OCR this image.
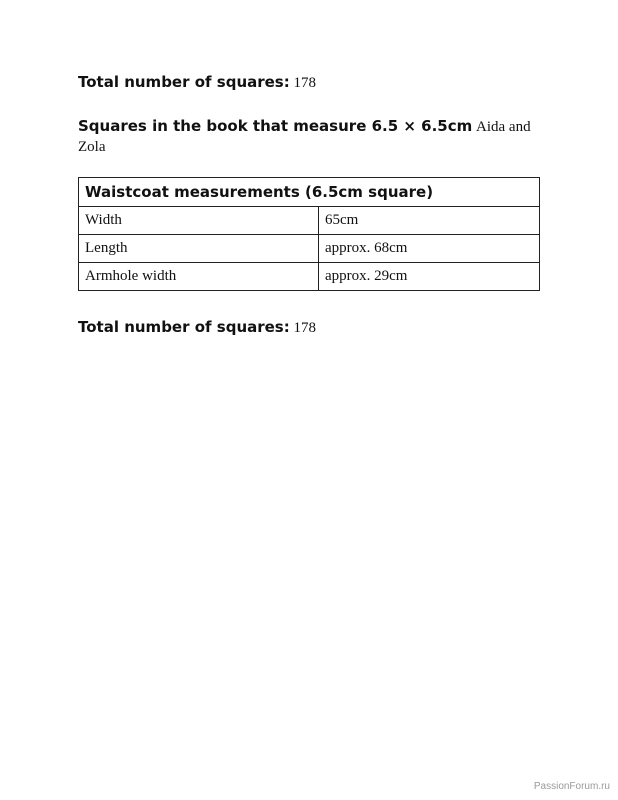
Total number of squares: 178

Squares in the book that measure 6.5 × 6.5cm Aida and Zola

Waistcoat measurements (6.5cm square)	
Width	65cm
Length	approx. 68cm
Armhole width	approx. 29cm

Total number of squares: 178

PassionForum.ru
